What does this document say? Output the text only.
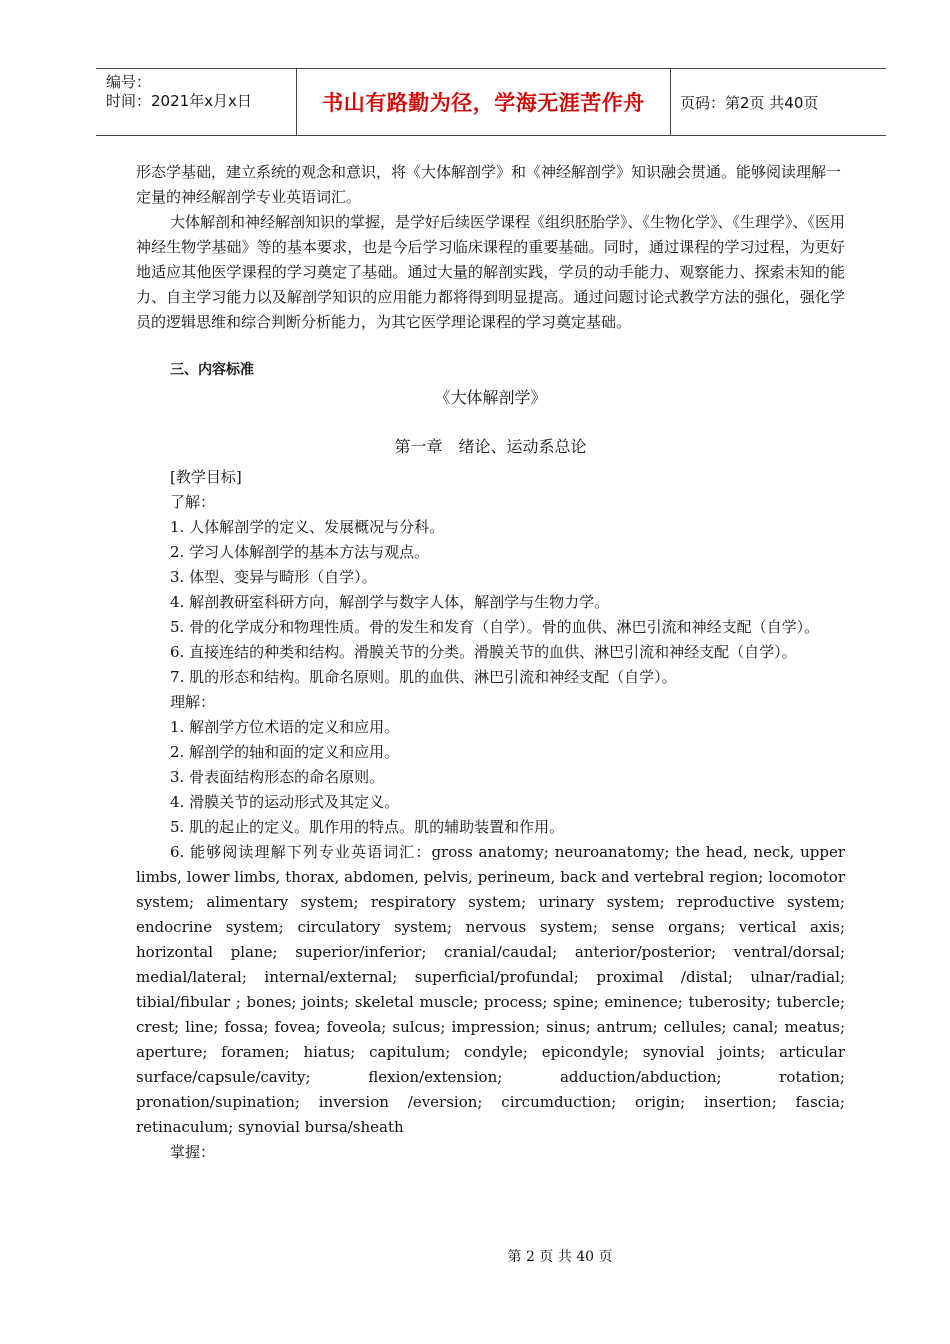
编号：
时间：2021年x月x日	书山有路勤为径，学海无涯苦作舟	页码：第2页 共40页

形态学基础，建立系统的观念和意识，将《大体解剖学》和《神经解剖学》知识融会贯通。能够阅读理解一定量的神经解剖学专业英语词汇。

大体解剖和神经解剖知识的掌握，是学好后续医学课程《组织胚胎学》、《生物化学》、《生理学》、《医用神经生物学基础》等的基本要求，也是今后学习临床课程的重要基础。同时，通过课程的学习过程，为更好地适应其他医学课程的学习奠定了基础。通过大量的解剖实践，学员的动手能力、观察能力、探索未知的能力、自主学习能力以及解剖学知识的应用能力都将得到明显提高。通过问题讨论式教学方法的强化，强化学员的逻辑思维和综合判断分析能力，为其它医学理论课程的学习奠定基础。

三、内容标准

《大体解剖学》

第一章　绪论、运动系总论

[教学目标]

了解：

1. 人体解剖学的定义、发展概况与分科。

2. 学习人体解剖学的基本方法与观点。

3. 体型、变异与畸形（自学）。

4. 解剖教研室科研方向，解剖学与数字人体，解剖学与生物力学。

5. 骨的化学成分和物理性质。骨的发生和发育（自学）。骨的血供、淋巴引流和神经支配（自学）。

6. 直接连结的种类和结构。滑膜关节的分类。滑膜关节的血供、淋巴引流和神经支配（自学）。

7. 肌的形态和结构。肌命名原则。肌的血供、淋巴引流和神经支配（自学）。

理解：

1. 解剖学方位术语的定义和应用。

2. 解剖学的轴和面的定义和应用。

3. 骨表面结构形态的命名原则。

4. 滑膜关节的运动形式及其定义。

5. 肌的起止的定义。肌作用的特点。肌的辅助装置和作用。

6. 能够阅读理解下列专业英语词汇：gross anatomy; neuroanatomy; the head, neck, upper limbs, lower limbs, thorax, abdomen, pelvis, perineum, back and vertebral region; locomotor system; alimentary system; respiratory system; urinary system; reproductive system; endocrine system; circulatory system; nervous system; sense organs; vertical axis; horizontal plane; superior/inferior; cranial/caudal; anterior/posterior; ventral/dorsal; medial/lateral; internal/external; superficial/profundal; proximal /distal; ulnar/radial; tibial/fibular ; bones; joints; skeletal muscle; process; spine; eminence; tuberosity; tubercle; crest; line; fossa; fovea; foveola; sulcus; impression; sinus; antrum; cellules; canal; meatus; aperture; foramen; hiatus; capitulum; condyle; epicondyle; synovial joints; articular surface/capsule/cavity; flexion/extension; adduction/abduction; rotation; pronation/supination; inversion /eversion; circumduction; origin; insertion; fascia; retinaculum; synovial bursa/sheath

掌握：

第 2 页 共 40 页
